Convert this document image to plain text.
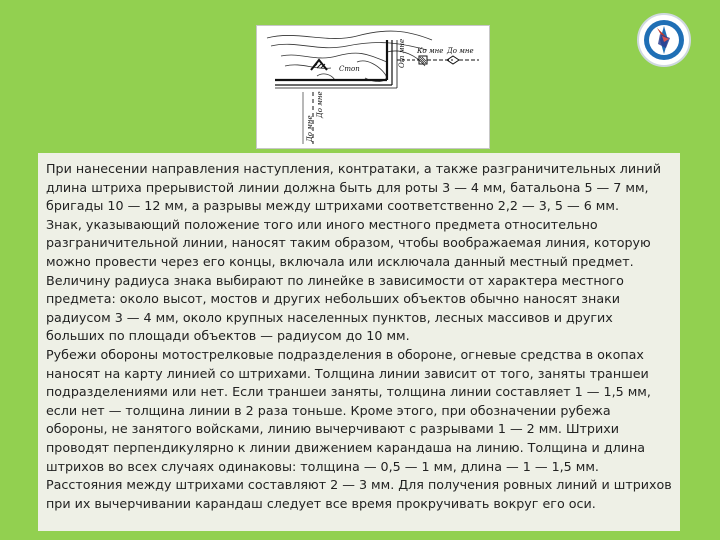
Стоп
Ко мне До мне
От мне
До мне
До мне

При нанесении направления наступления, контратаки, а также разграничительных линий длина штриха прерывистой линии должна быть для роты 3 — 4 мм, батальона 5 — 7 мм, бригады 10 — 12 мм, а разрывы между штрихами соответственно 2,2 — 3, 5 — 6 мм.

Знак, указывающий положение того или иного местного предмета относительно разграничительной линии, наносят таким образом, чтобы воображаемая линия, которую можно провести через его концы, включала или исключала данный местный предмет.

Величину радиуса знака выбирают по линейке в зависимости от характера местного предмета: около высот, мостов и других небольших объектов обычно наносят знаки радиусом 3 — 4 мм, около крупных населенных пунктов, лесных массивов и других больших по площади объектов — радиусом до 10 мм.

Рубежи обороны мотострелковые подразделения в обороне, огневые средства в окопах наносят на карту линией со штрихами. Толщина линии зависит от того, заняты траншеи подразделениями или нет. Если траншеи заняты, толщина линии составляет 1 — 1,5 мм, если нет — толщина линии в 2 раза тоньше. Кроме этого, при обозначении рубежа обороны, не занятого войсками, линию вычерчивают с разрывами 1 — 2 мм. Штрихи проводят перпендикулярно к линии движением карандаша на линию. Толщина и длина штрихов во всех случаях одинаковы: толщина — 0,5 — 1 мм, длина — 1 — 1,5 мм. Расстояния между штрихами составляют 2 — 3 мм. Для получения ровных линий и штрихов при их вычерчивании карандаш следует все время прокручивать вокруг его оси.
